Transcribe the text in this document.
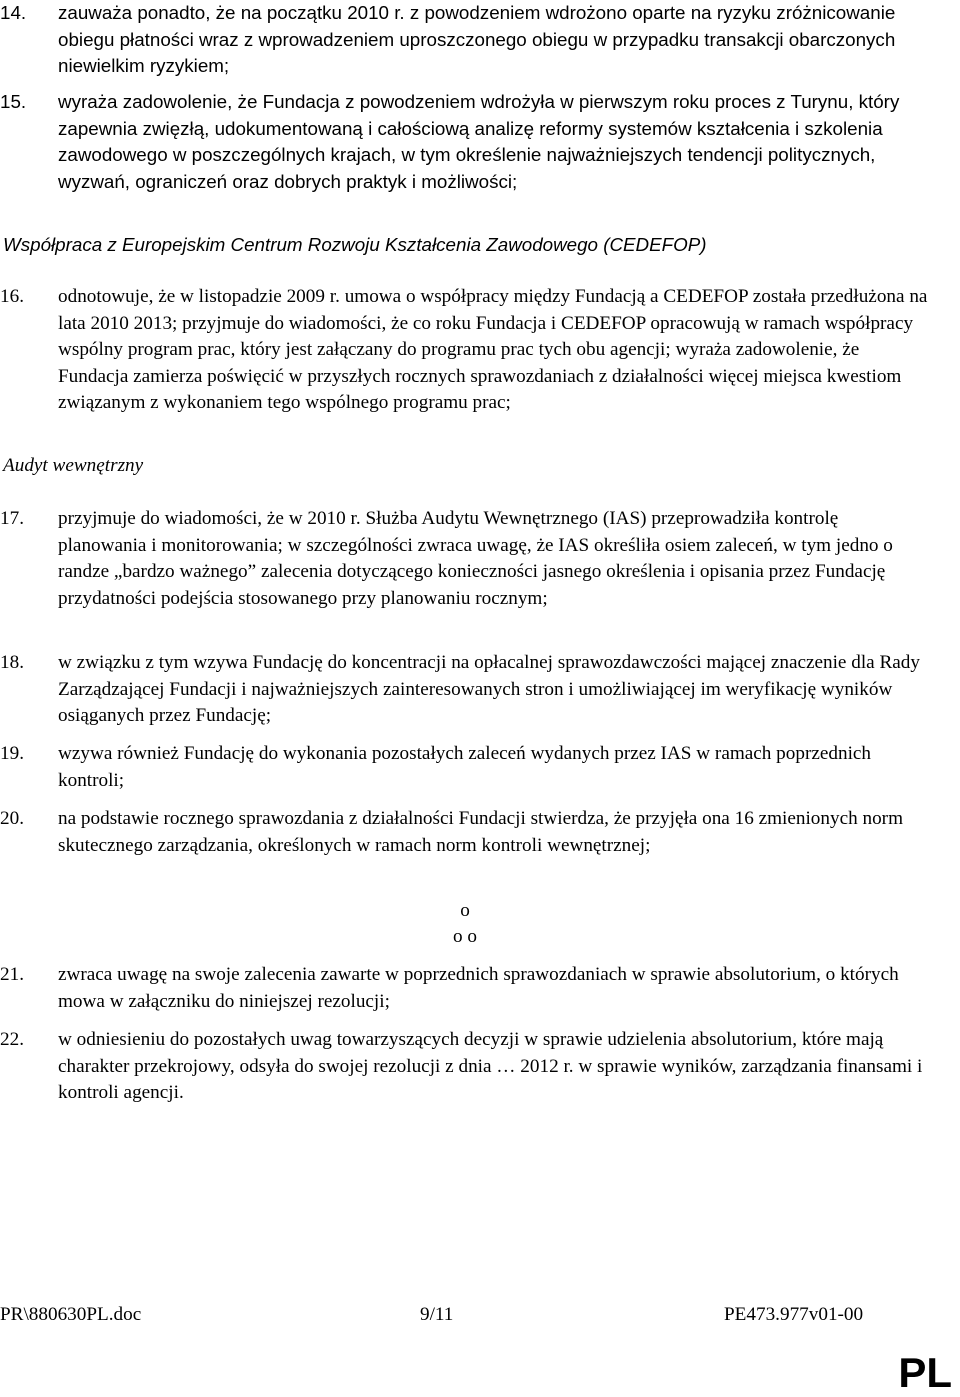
14. zauważa ponadto, że na początku 2010 r. z powodzeniem wdrożono oparte na ryzyku zróżnicowanie obiegu płatności wraz z wprowadzeniem uproszczonego obiegu w przypadku transakcji obarczonych niewielkim ryzykiem;
15. wyraża zadowolenie, że Fundacja z powodzeniem wdrożyła w pierwszym roku proces z Turynu, który zapewnia zwięzłą, udokumentowaną i całościową analizę reformy systemów kształcenia i szkolenia zawodowego w poszczególnych krajach, w tym określenie najważniejszych tendencji politycznych, wyzwań, ograniczeń oraz dobrych praktyk i możliwości;
Współpraca z Europejskim Centrum Rozwoju Kształcenia Zawodowego (CEDEFOP)
16. odnotowuje, że w listopadzie 2009 r. umowa o współpracy między Fundacją a CEDEFOP została przedłużona na lata 2010 2013; przyjmuje do wiadomości, że co roku Fundacja i CEDEFOP opracowują w ramach współpracy wspólny program prac, który jest załączany do programu prac tych obu agencji; wyraża zadowolenie, że Fundacja zamierza poświęcić w przyszłych rocznych sprawozdaniach z działalności więcej miejsca kwestiom związanym z wykonaniem tego wspólnego programu prac;
Audyt wewnętrzny
17. przyjmuje do wiadomości, że w 2010 r. Służba Audytu Wewnętrznego (IAS) przeprowadziła kontrolę planowania i monitorowania; w szczególności zwraca uwagę, że IAS określiła osiem zaleceń, w tym jedno o randze „bardzo ważnego” zalecenia dotyczącego konieczności jasnego określenia i opisania przez Fundację przydatności podejścia stosowanego przy planowaniu rocznym;
18. w związku z tym wzywa Fundację do koncentracji na opłacalnej sprawozdawczości mającej znaczenie dla Rady Zarządzającej Fundacji i najważniejszych zainteresowanych stron i umożliwiającej im weryfikację wyników osiąganych przez Fundację;
19. wzywa również Fundację do wykonania pozostałych zaleceń wydanych przez IAS w ramach poprzednich kontroli;
20. na podstawie rocznego sprawozdania z działalności Fundacji stwierdza, że przyjęła ona 16 zmienionych norm skutecznego zarządzania, określonych w ramach norm kontroli wewnętrznej;
o
o o
21. zwraca uwagę na swoje zalecenia zawarte w poprzednich sprawozdaniach w sprawie absolutorium, o których mowa w załączniku do niniejszej rezolucji;
22. w odniesieniu do pozostałych uwag towarzyszących decyzji w sprawie udzielenia absolutorium, które mają charakter przekrojowy, odsyła do swojej rezolucji z dnia … 2012 r. w sprawie wyników, zarządzania finansami i kontroli agencji.
PR\880630PL.doc	9/11	PE473.977v01-00
PL
